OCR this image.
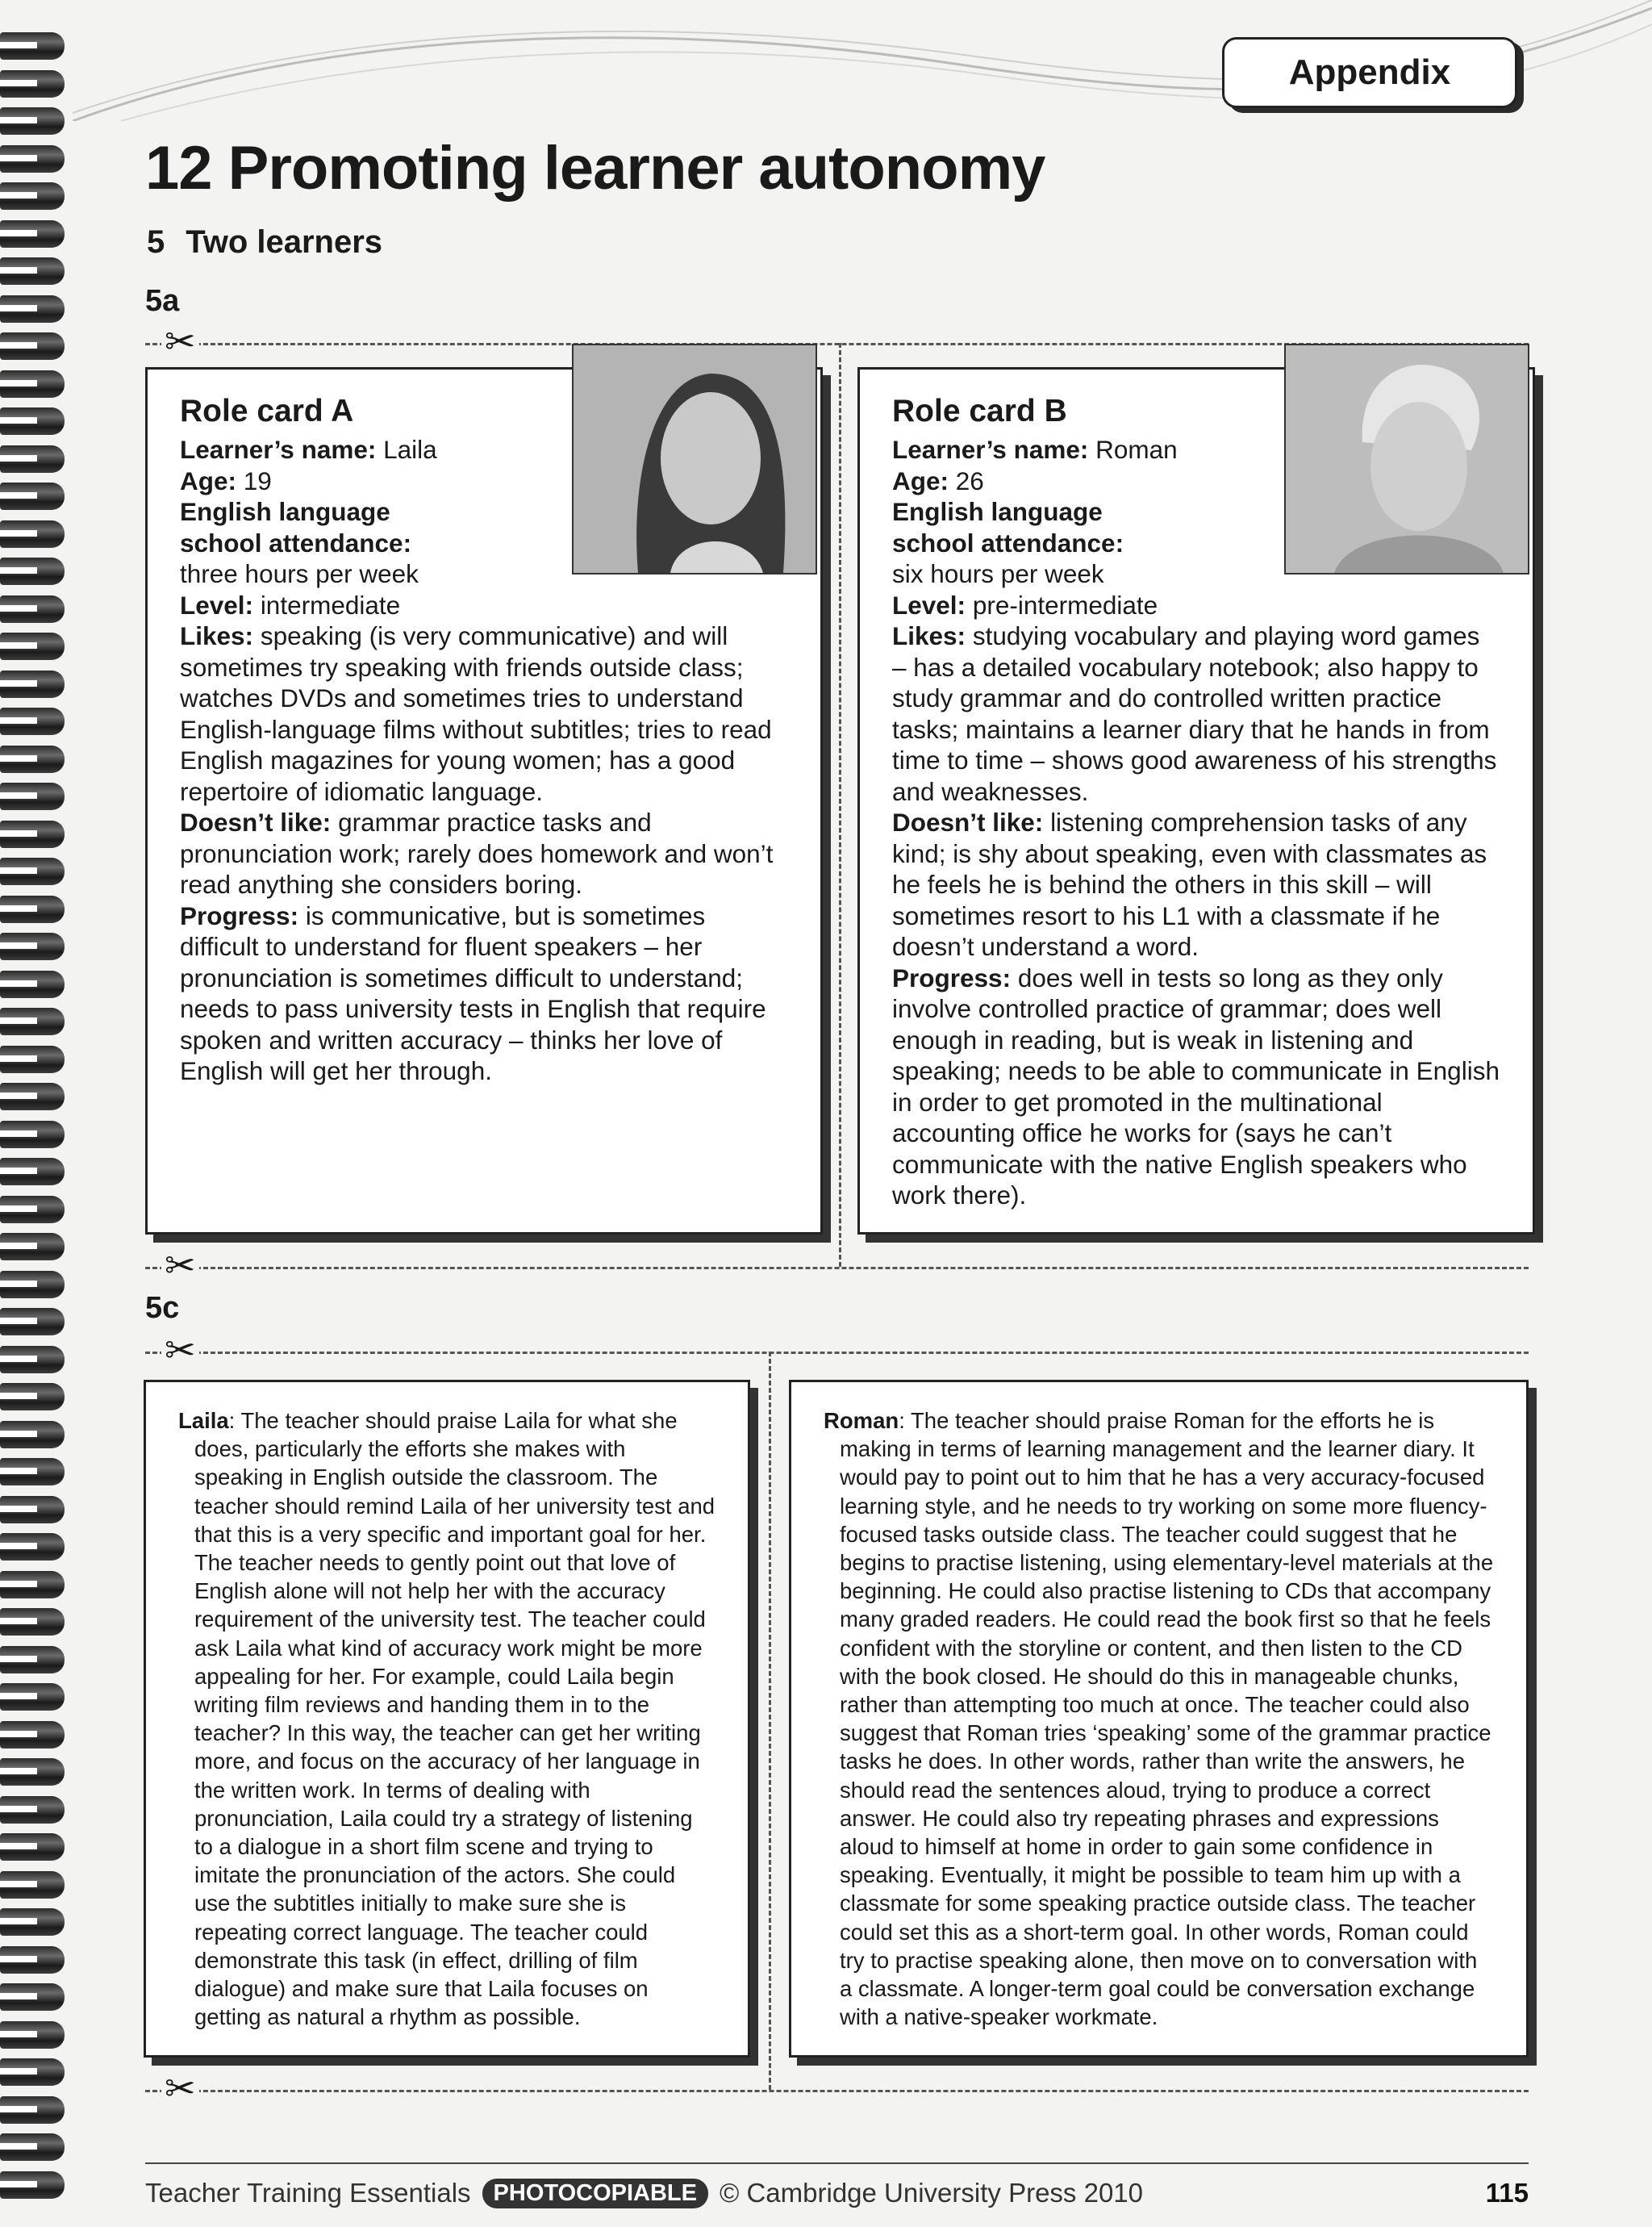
Appendix
12 Promoting learner autonomy
5 Two learners
5a
✂
✂
Role card A
Learner’s name: Laila
Age: 19
English language
school attendance:
three hours per week
Level: intermediate
Likes: speaking (is very communicative) and will sometimes try speaking with friends outside class; watches DVDs and sometimes tries to understand English-language films without subtitles; tries to read English magazines for young women; has a good repertoire of idiomatic language.
Doesn’t like: grammar practice tasks and pronunciation work; rarely does homework and won’t read anything she considers boring.
Progress: is communicative, but is sometimes difficult to understand for fluent speakers – her pronunciation is sometimes difficult to understand; needs to pass university tests in English that require spoken and written accuracy – thinks her love of English will get her through.
Role card B
Learner’s name: Roman
Age: 26
English language
school attendance:
six hours per week
Level: pre-intermediate
Likes: studying vocabulary and playing word games – has a detailed vocabulary notebook; also happy to study grammar and do controlled written practice tasks; maintains a learner diary that he hands in from time to time – shows good awareness of his strengths and weaknesses.
Doesn’t like: listening comprehension tasks of any kind; is shy about speaking, even with classmates as he feels he is behind the others in this skill – will sometimes resort to his L1 with a classmate if he doesn’t understand a word.
Progress: does well in tests so long as they only involve controlled practice of grammar; does well enough in reading, but is weak in listening and speaking; needs to be able to communicate in English in order to get promoted in the multinational accounting office he works for (says he can’t communicate with the native English speakers who work there).
5c
✂
✂

Laila: The teacher should praise Laila for what she does, particularly the efforts she makes with speaking in English outside the classroom. The teacher should remind Laila of her university test and that this is a very specific and important goal for her. The teacher needs to gently point out that love of English alone will not help her with the accuracy requirement of the university test. The teacher could ask Laila what kind of accuracy work might be more appealing for her. For example, could Laila begin writing film reviews and handing them in to the teacher? In this way, the teacher can get her writing more, and focus on the accuracy of her language in the written work. In terms of dealing with pronunciation, Laila could try a strategy of listening to a dialogue in a short film scene and trying to imitate the pronunciation of the actors. She could use the subtitles initially to make sure she is repeating correct language. The teacher could demonstrate this task (in effect, drilling of film dialogue) and make sure that Laila focuses on getting as natural a rhythm as possible.

Roman: The teacher should praise Roman for the efforts he is making in terms of learning management and the learner diary. It would pay to point out to him that he has a very accuracy-focused learning style, and he needs to try working on some more fluency-focused tasks outside class. The teacher could suggest that he begins to practise listening, using elementary-level materials at the beginning. He could also practise listening to CDs that accompany many graded readers. He could read the book first so that he feels confident with the storyline or content, and then listen to the CD with the book closed. He should do this in manageable chunks, rather than attempting too much at once. The teacher could also suggest that Roman tries ‘speaking’ some of the grammar practice tasks he does. In other words, rather than write the answers, he should read the sentences aloud, trying to produce a correct answer. He could also try repeating phrases and expressions aloud to himself at home in order to gain some confidence in speaking. Eventually, it might be possible to team him up with a classmate for some speaking practice outside class. The teacher could set this as a short-term goal. In other words, Roman could try to practise speaking alone, then move on to conversation with a classmate. A longer-term goal could be conversation exchange with a native-speaker workmate.

Teacher Training Essentials PHOTOCOPIABLE © Cambridge University Press 2010	115
